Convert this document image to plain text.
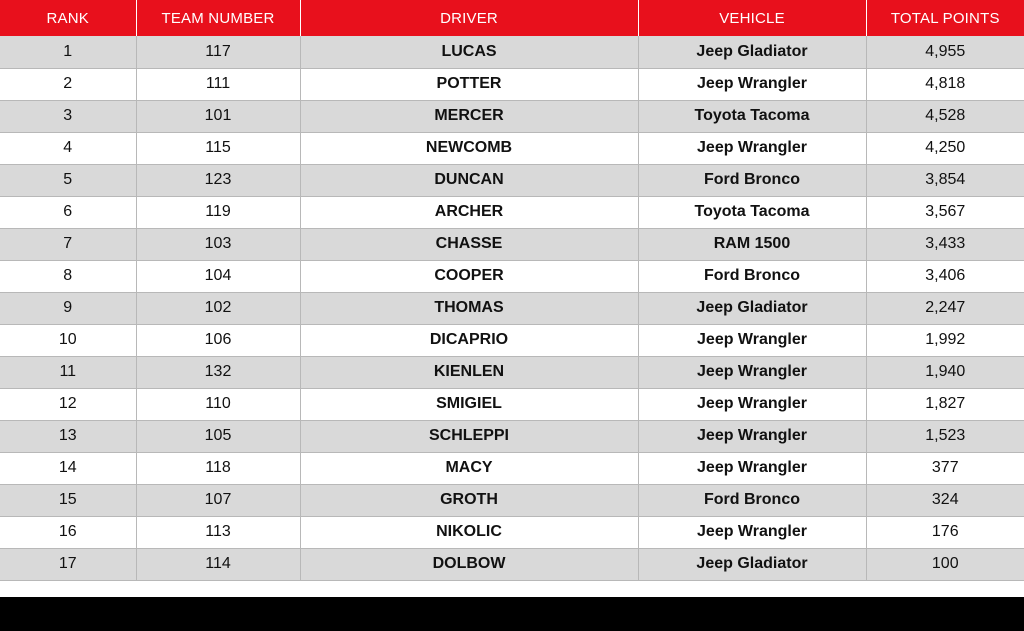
RANK	TEAM NUMBER	DRIVER	VEHICLE	TOTAL POINTS
1	117	LUCAS	Jeep Gladiator	4,955
2	111	POTTER	Jeep Wrangler	4,818
3	101	MERCER	Toyota Tacoma	4,528
4	115	NEWCOMB	Jeep Wrangler	4,250
5	123	DUNCAN	Ford Bronco	3,854
6	119	ARCHER	Toyota Tacoma	3,567
7	103	CHASSE	RAM 1500	3,433
8	104	COOPER	Ford Bronco	3,406
9	102	THOMAS	Jeep Gladiator	2,247
10	106	DICAPRIO	Jeep Wrangler	1,992
11	132	KIENLEN	Jeep Wrangler	1,940
12	110	SMIGIEL	Jeep Wrangler	1,827
13	105	SCHLEPPI	Jeep Wrangler	1,523
14	118	MACY	Jeep Wrangler	377
15	107	GROTH	Ford Bronco	324
16	113	NIKOLIC	Jeep Wrangler	176
17	114	DOLBOW	Jeep Gladiator	100
